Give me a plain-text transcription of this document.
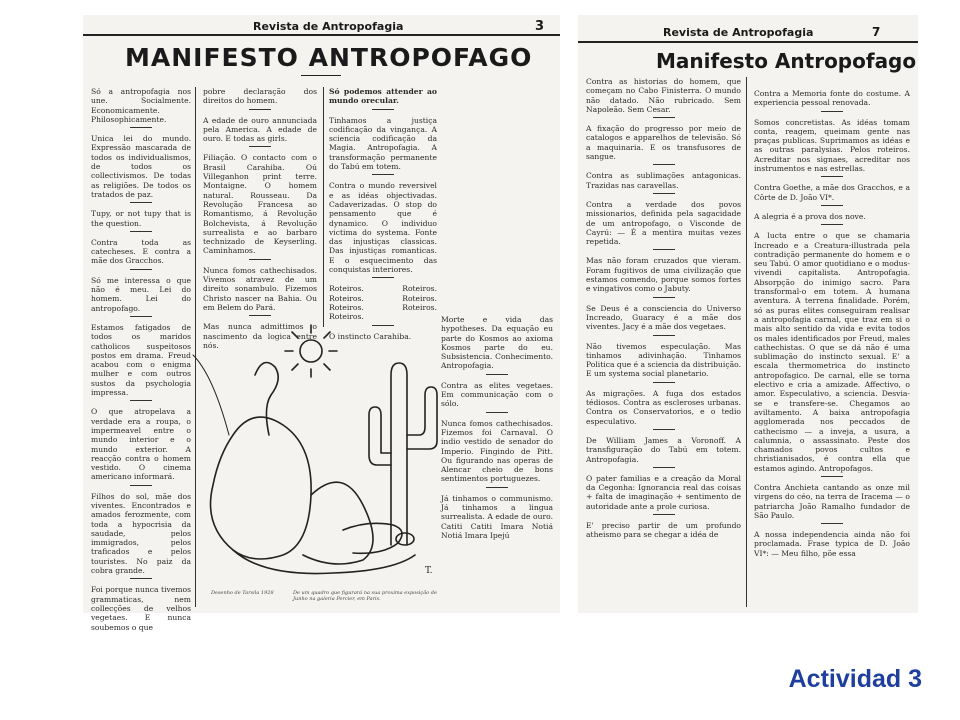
Revista de Antropofagia	3
MANIFESTO ANTROPOFAGO

Só a antropofagia nos une. Socialmente. Economicamente. Philosophicamente.

Unica lei do mundo. Expressão mascarada de todos os individualismos, de todos os collectivismos. De todas as religiões. De todos os tratados de paz.

Tupy, or not tupy that is the question.

Contra toda as catecheses. E contra a mãe dos Gracchos.

Só me interessa o que não é meu. Lei do homem. Lei do antropofago.

Estamos fatigados de todos os maridos catholicos suspeitosos postos em drama. Freud acabou com o enigma mulher e com outros sustos da psychologia impressa.

O que atropelava a verdade era a roupa, o impermeavel entre o mundo interior e o mundo exterior. A reacção contra o homem vestido. O cinema americano informará.

Filhos do sol, mãe dos viventes. Encontrados e amados ferozmente, com toda a hypocrisia da saudade, pelos immigrados, pelos traficados e pelos touristes. No paiz da cobra grande.

Foi porque nunca tivemos grammaticas, nem collecções de velhos vegetaes. E nunca soubemos o que

pobre declaração dos direitos do homem.

A edade de ouro annunciada pela America. A edade de ouro. E todas as girls.

Filiação. O contacto com o Brasil Carahiba. Oú Villeganhon print terre. Montaigne. O homem natural. Rousseau. Da Revolução Francesa ao Romantismo, á Revolução Bolchevista, á Revolução surrealista e ao barbaro technizado de Keyserling. Caminhamos.

Nunca fomos cathechisados. Vivemos atravez de um direito sonambulo. Fizemos Christo nascer na Bahia. Ou em Belem do Pará.

Mas nunca admittimos o nascimento da logica entre nós.

Só podemos attender ao mundo orecular.

Tinhamos a justiça codificação da vingança. A sciencia codificação da Magia. Antropofagia. A transformação permanente do Tabú em totem.

Contra o mundo reversivel e as idéas objectivadas. Cadaverizadas. O stop do pensamento que é dynamico. O individuo victima do systema. Fonte das injustiças classicas. Das injustiças romanticas. E o esquecimento das conquistas interiores.

Roteiros. Roteiros. Roteiros. Roteiros. Roteiros. Roteiros. Roteiros.

O instincto Carahiba.

Morte e vida das hypotheses. Da equação eu parte do Kosmos ao axioma Kosmos parte do eu. Subsistencia. Conhecimento. Antropofagia.

Contra as elites vegetaes. Em communicação com o sólo.

Nunca fomos cathechisados. Fizemos foi Carnaval. O indio vestido de senador do Imperio. Fingindo de Pitt. Ou figurando nas operas de Alencar cheio de bons sentimentos portuguezes.

Já tinhamos o communismo. Já tinhamos a lingua surrealista. A edade de ouro. Catiti Catiti Imara Notiá Notiá Imara Ipejú

T.
Desenho de Tarsila 1928	De um quadro que figurará na sua proxima exposição de Junho na galeria Percier, em Paris.
Revista de Antropofagia	7
Manifesto Antropofago

Contra as historias do homem, que começam no Cabo Finisterra. O mundo não datado. Não rubricado. Sem Napoleão. Sem Cesar.

A fixação do progresso por meio de catalogos e apparelhos de televisão. Só a maquinaria. E os transfusores de sangue.

Contra as sublimações antagonicas. Trazidas nas caravellas.

Contra a verdade dos povos missionarios, definida pela sagacidade de um antropofago, o Visconde de Cayrú: — É a mentira muitas vezes repetida.

Mas não foram cruzados que vieram. Foram fugitivos de uma civilização que estamos comendo, porque somos fortes e vingativos como o Jabuty.

Se Deus é a consciencia do Universo Increado, Guaracy é a mãe dos viventes. Jacy é a mãe dos vegetaes.

Não tivemos especulação. Mas tinhamos adivinhação. Tinhamos Politica que é a sciencia da distribuição. E um systema social planetario.

As migrações. A fuga dos estados tédiosos. Contra as escleroses urbanas. Contra os Conservatorios, e o tedio especulativo.

De William James a Voronoff. A transfiguração do Tabú em totem. Antropofagia.

O pater familias e a creação da Moral da Cegonha: Ignorancia real das coisas + falta de imaginação + sentimento de autoridade ante a prole curiosa.

E' preciso partir de um profundo atheismo para se chegar a idéa de

Contra a Memoria fonte do costume. A experiencia pessoal renovada.

Somos concretistas. As idéas tomam conta, reagem, queimam gente nas praças publicas. Suprimamos as idéas e as outras paralysias. Pelos roteiros. Acreditar nos signaes, acreditar nos instrumentos e nas estrellas.

Contra Goethe, a mãe dos Gracchos, e a Côrte de D. João VI*.

A alegria é a prova dos nove.

A lucta entre o que se chamaria Increado e a Creatura-illustrada pela contradição permanente do homem e o seu Tabú. O amor quotidiano e o modus-vivendi capitalista. Antropofagia. Absorpção do inimigo sacro. Para transformal-o em totem. A humana aventura. A terrena finalidade. Porém, só as puras elites conseguiram realisar a antropofagia carnal, que traz em si o mais alto sentido da vida e evita todos os males identificados por Freud, males cathechistas. O que se dá não é uma sublimação do instincto sexual. E' a escala thermometrica do instincto antropofagico. De carnal, elle se torna electivo e cria a amizade. Affectivo, o amor. Especulativo, a sciencia. Desvia-se e transfere-se. Chegamos ao aviltamento. A baixa antropofagia agglomerada nos peccados de cathecismo — a inveja, a usura, a calumnia, o assassinato. Peste dos chamados povos cultos e christianisados, é contra ella que estamos agindo. Antropofagos.

Contra Anchieta cantando as onze mil virgens do céo, na terra de Iracema — o patriarcha João Ramalho fundador de São Paulo.

A nossa independencia ainda não foi proclamada. Frase typica de D. João VI*: — Meu filho, põe essa

Actividad 3
